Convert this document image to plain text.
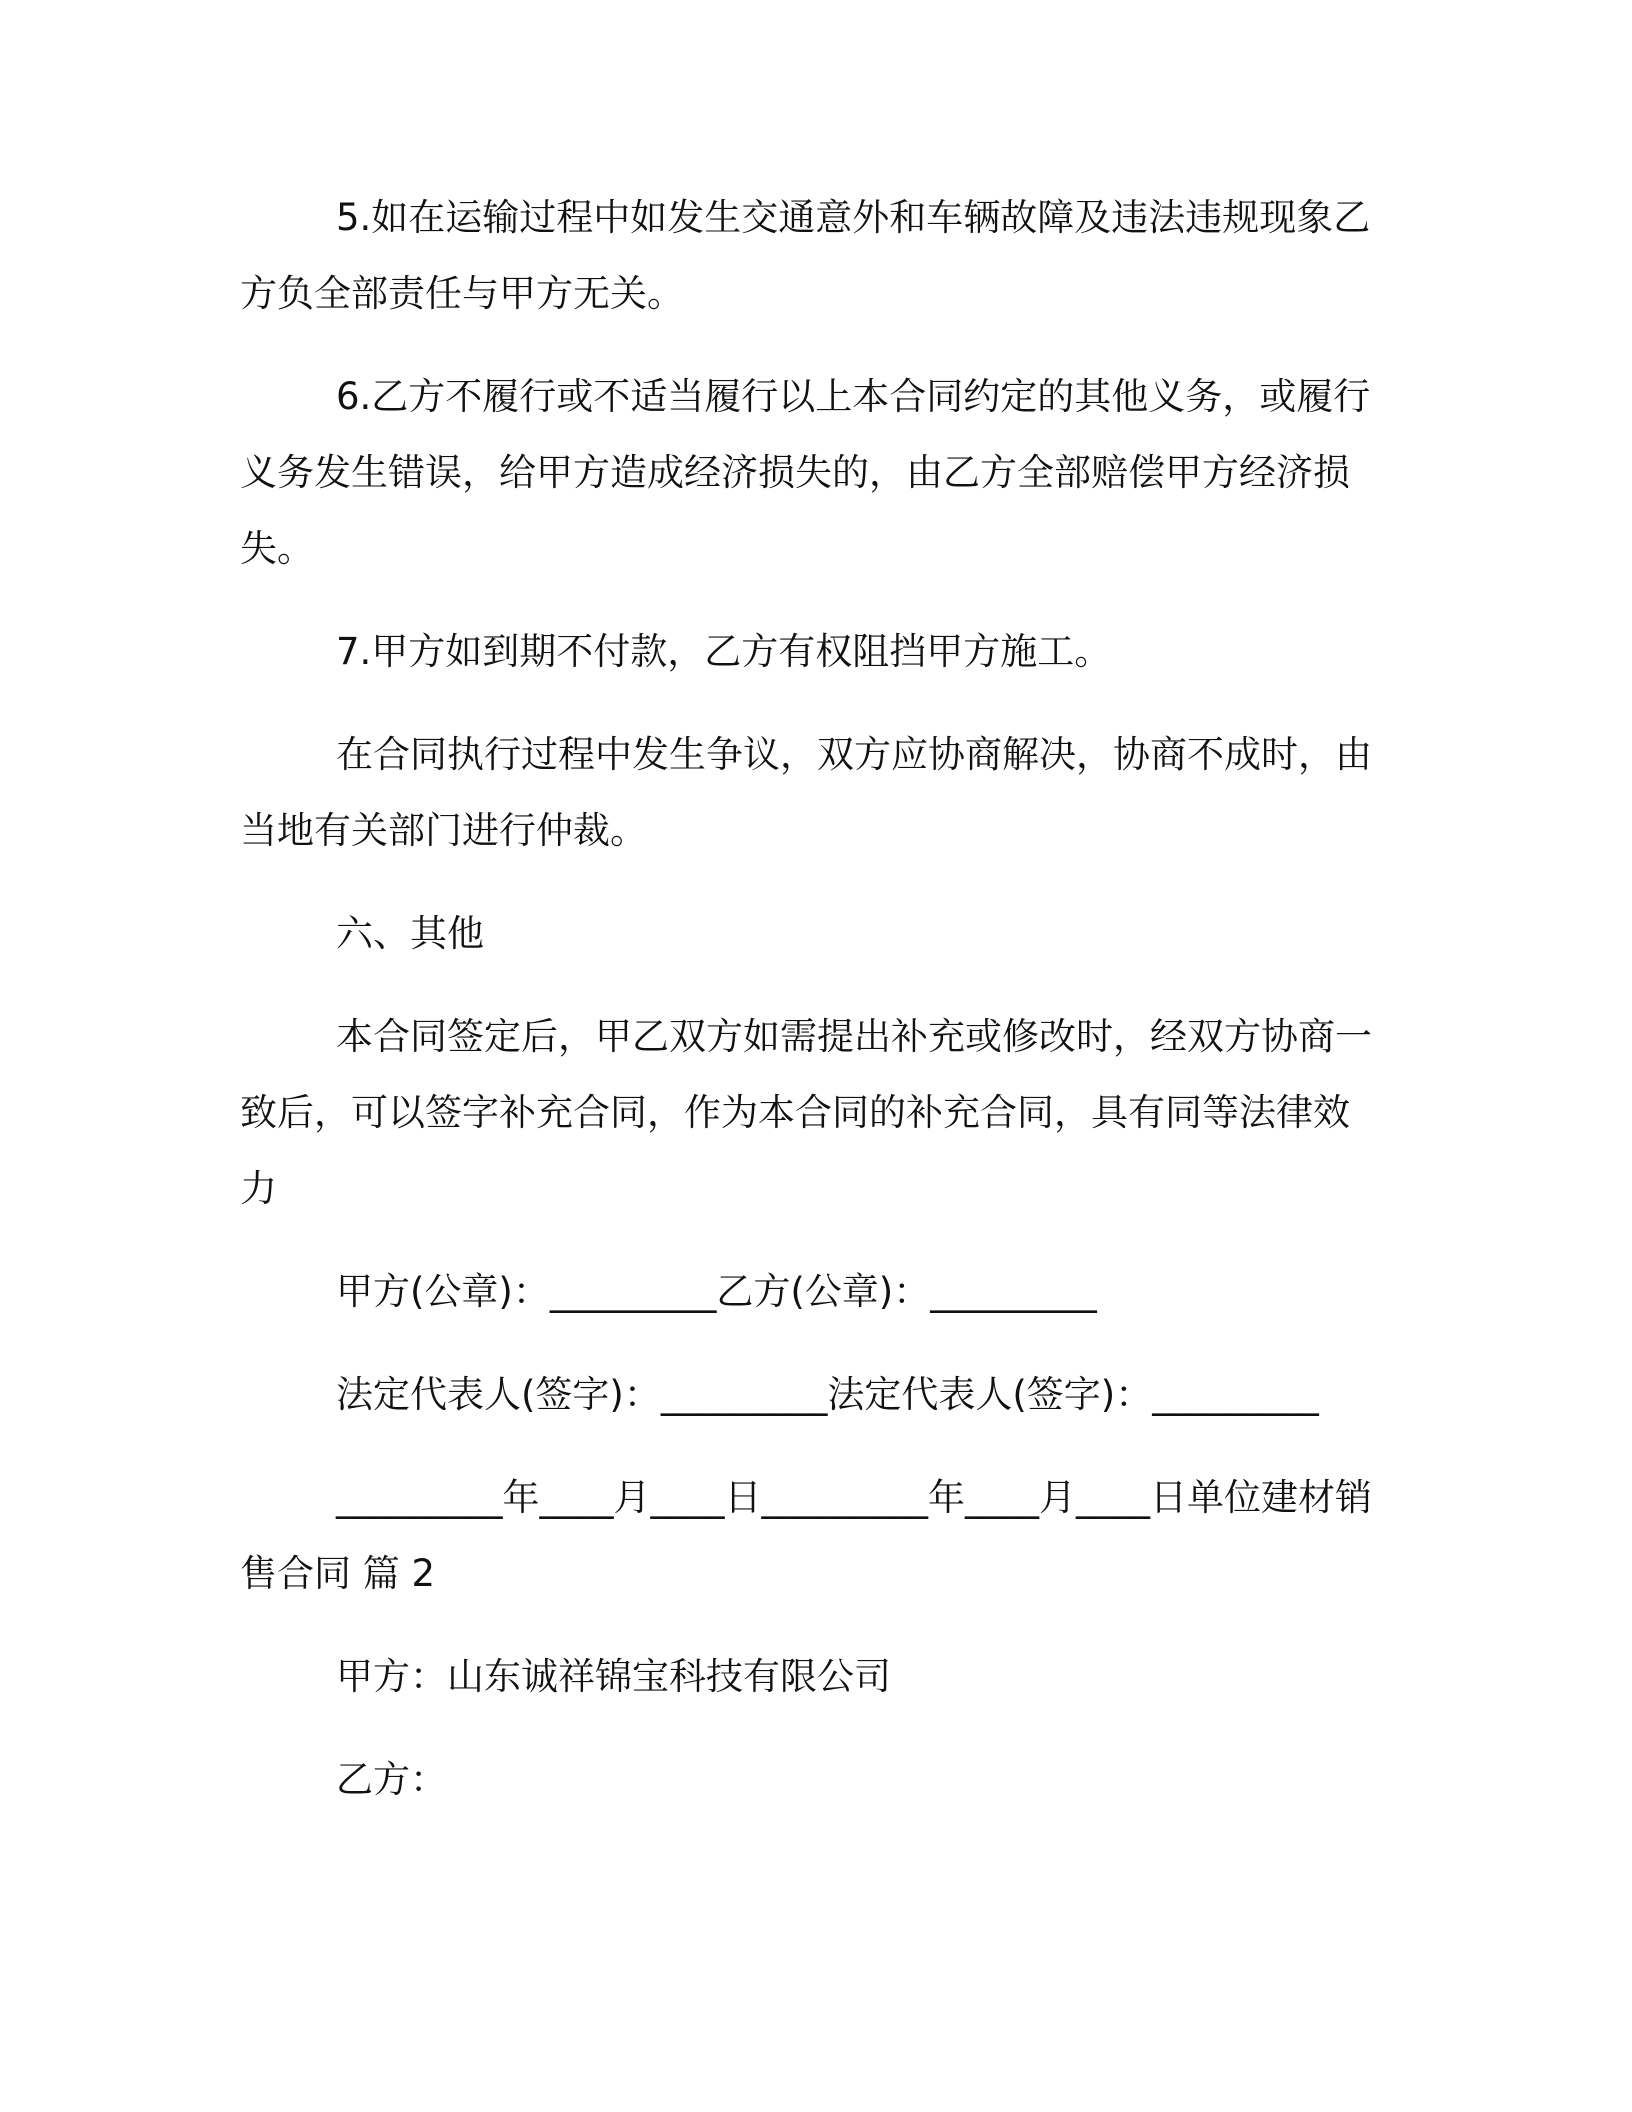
5.如在运输过程中如发生交通意外和车辆故障及违法违规现象乙方负全部责任与甲方无关。

6.乙方不履行或不适当履行以上本合同约定的其他义务，或履行义务发生错误，给甲方造成经济损失的，由乙方全部赔偿甲方经济损失。

7.甲方如到期不付款，乙方有权阻挡甲方施工。

在合同执行过程中发生争议，双方应协商解决，协商不成时，由当地有关部门进行仲裁。

六、其他

本合同签定后，甲乙双方如需提出补充或修改时，经双方协商一致后，可以签字补充合同，作为本合同的补充合同，具有同等法律效力

甲方(公章)：_________乙方(公章)：_________

法定代表人(签字)：_________法定代表人(签字)：_________

_________年____月____日_________年____月____日单位建材销售合同 篇 2

甲方：山东诚祥锦宝科技有限公司

乙方：
